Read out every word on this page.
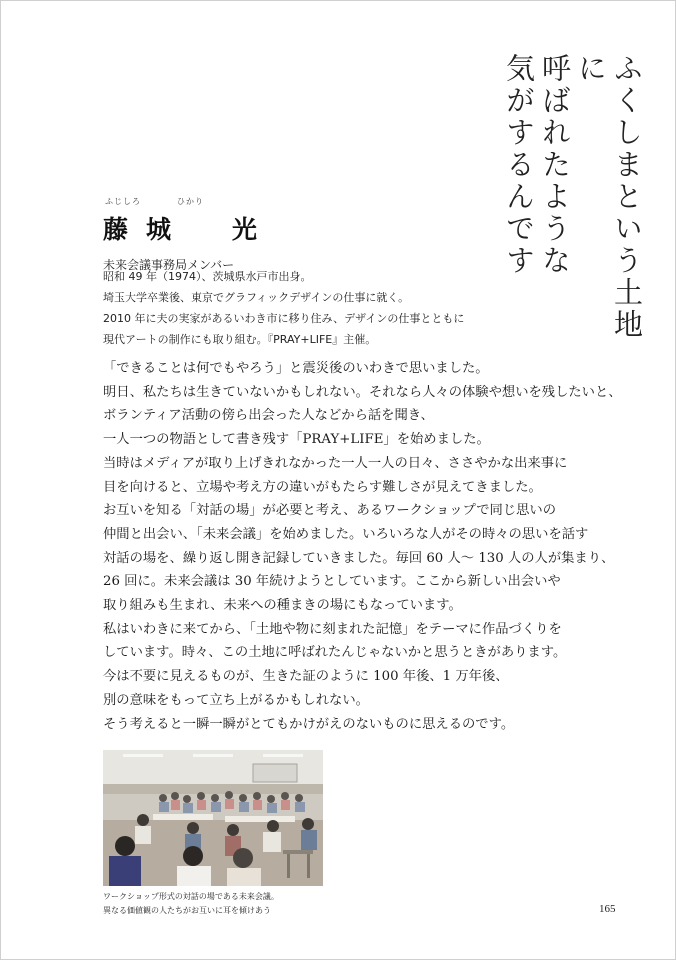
ふくしまという土地に
呼ばれたような
気がするんです
ふじしろ	ひかり
藤城　光
未来会議事務局メンバー

昭和 49 年（1974）、茨城県水戸市出身。

埼玉大学卒業後、東京でグラフィックデザインの仕事に就く。

2010 年に夫の実家があるいわき市に移り住み、デザインの仕事とともに

現代アートの制作にも取り組む。『PRAY+LIFE』主催。

「できることは何でもやろう」と震災後のいわきで思いました。

明日、私たちは生きていないかもしれない。それなら人々の体験や想いを残したいと、

ボランティア活動の傍ら出会った人などから話を聞き、

一人一つの物語として書き残す「PRAY+LIFE」を始めました。

当時はメディアが取り上げきれなかった一人一人の日々、ささやかな出来事に

目を向けると、立場や考え方の違いがもたらす難しさが見えてきました。

お互いを知る「対話の場」が必要と考え、あるワークショップで同じ思いの

仲間と出会い、「未来会議」を始めました。いろいろな人がその時々の思いを話す

対話の場を、繰り返し開き記録していきました。毎回 60 人～ 130 人の人が集まり、

26 回に。未来会議は 30 年続けようとしています。ここから新しい出会いや

取り組みも生まれ、未来への種まきの場にもなっています。

私はいわきに来てから、「土地や物に刻まれた記憶」をテーマに作品づくりを

しています。時々、この土地に呼ばれたんじゃないかと思うときがあります。

今は不要に見えるものが、生きた証のように 100 年後、1 万年後、

別の意味をもって立ち上がるかもしれない。

そう考えると一瞬一瞬がとてもかけがえのないものに思えるのです。

ワークショップ形式の対話の場である未来会議。

異なる価値観の人たちがお互いに耳を傾けあう	165
